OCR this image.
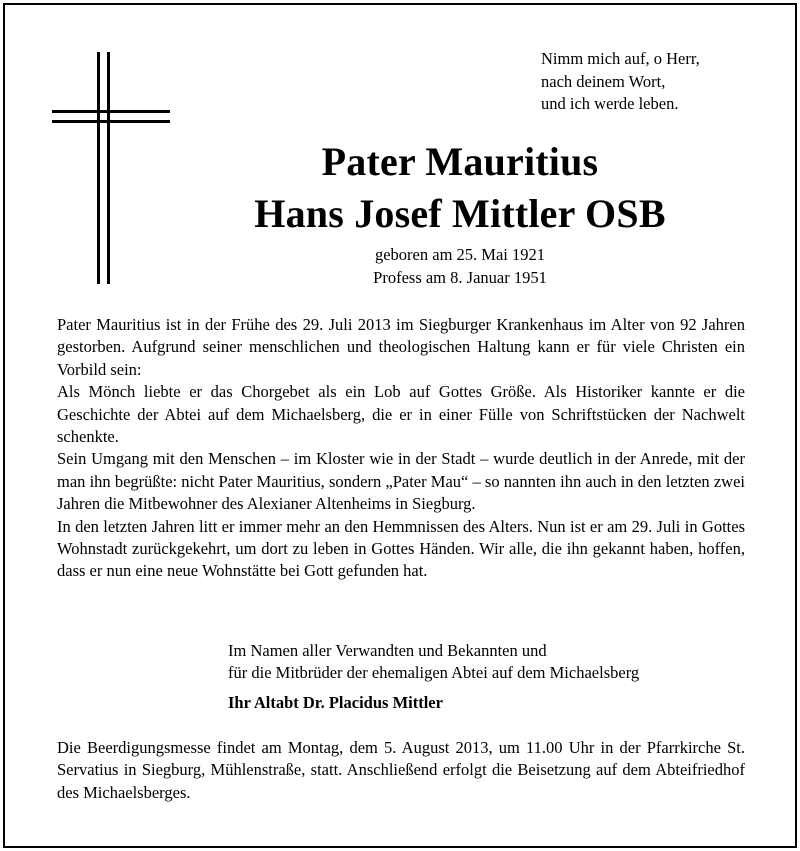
Nimm mich auf, o Herr,
nach deinem Wort,
und ich werde leben.
Pater Mauritius
Hans Josef Mittler OSB
geboren am 25. Mai 1921
Profess am 8. Januar 1951

Pater Mauritius ist in der Frühe des 29. Juli 2013 im Siegburger Krankenhaus im Alter von 92 Jahren gestorben. Aufgrund seiner menschlichen und theologischen Haltung kann er für viele Christen ein Vorbild sein:

Als Mönch liebte er das Chorgebet als ein Lob auf Gottes Größe. Als Historiker kannte er die Geschichte der Abtei auf dem Michaelsberg, die er in einer Fülle von Schriftstücken der Nachwelt schenkte.

Sein Umgang mit den Menschen – im Kloster wie in der Stadt – wurde deutlich in der Anrede, mit der man ihn begrüßte: nicht Pater Mauritius, sondern „Pater Mau“ – so nannten ihn auch in den letzten zwei Jahren die Mitbewohner des Alexianer Altenheims in Siegburg.

In den letzten Jahren litt er immer mehr an den Hemmnissen des Alters. Nun ist er am 29. Juli in Gottes Wohnstadt zurückgekehrt, um dort zu leben in Gottes Händen. Wir alle, die ihn gekannt haben, hoffen, dass er nun eine neue Wohnstätte bei Gott gefunden hat.

Im Namen aller Verwandten und Bekannten und
für die Mitbrüder der ehemaligen Abtei auf dem Michaelsberg
Ihr Altabt Dr. Placidus Mittler
Die Beerdigungsmesse findet am Montag, dem 5. August 2013, um 11.00 Uhr in der Pfarrkirche St. Servatius in Siegburg, Mühlenstraße, statt. Anschließend erfolgt die Beisetzung auf dem Abteifriedhof des Michaelsberges.
